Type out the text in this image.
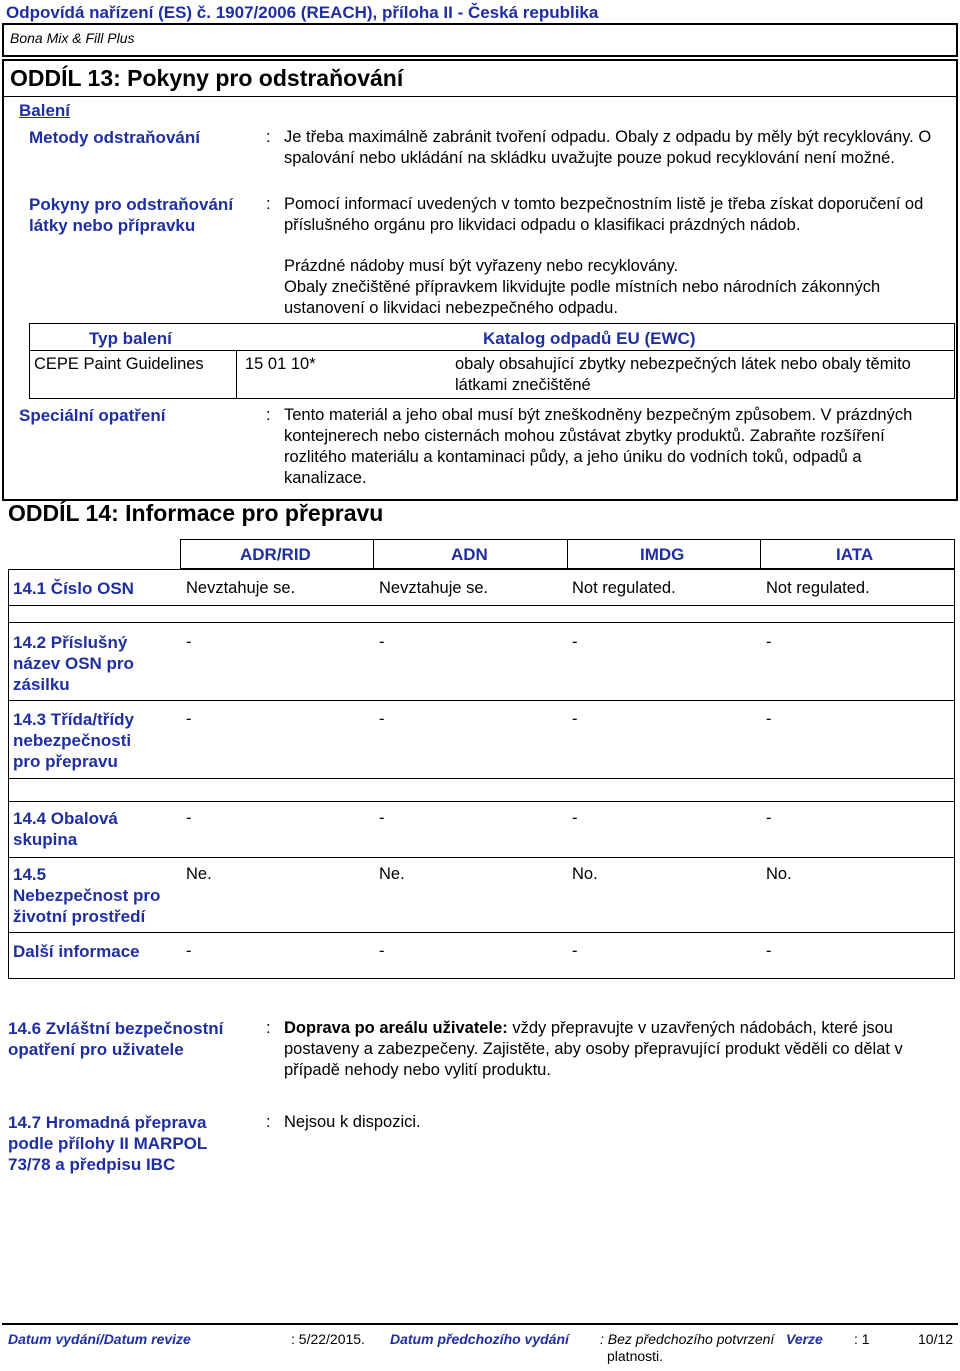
Odpovídá nařízení (ES) č. 1907/2006 (REACH), příloha II - Česká republika
Bona Mix & Fill Plus
ODDÍL 13: Pokyny pro odstraňování
Balení
Metody odstraňování	: Je třeba maximálně zabránit tvoření odpadu. Obaly z odpadu by měly být recyklovány. O spalování nebo ukládání na skládku uvažujte pouze pokud recyklování není možné.
Pokyny pro odstraňování
látky nebo přípravku
: Pomocí informací uvedených v tomto bezpečnostním listě je třeba získat doporučení od příslušného orgánu pro likvidaci odpadu o klasifikaci prázdných nádob.
Prázdné nádoby musí být vyřazeny nebo recyklovány.
Obaly znečištěné přípravkem likvidujte podle místních nebo národních zákonných ustanovení o likvidaci nebezpečného odpadu.
Typ balení	Katalog odpadů EU (EWC)
CEPE Paint Guidelines	15 01 10*	obaly obsahující zbytky nebezpečných látek nebo obaly těmito látkami znečištěné
Speciální opatření	: Tento materiál a jeho obal musí být zneškodněny bezpečným způsobem. V prázdných kontejnerech nebo cisternách mohou zůstávat zbytky produktů. Zabraňte rozšíření rozlitého materiálu a kontaminaci půdy, a jeho úniku do vodních toků, odpadů a kanalizace.
ODDÍL 14: Informace pro přepravu
ADR/RID	ADN	IMDG	IATA
14.1 Číslo OSN	Nevztahuje se.	Nevztahuje se.	Not regulated.	Not regulated.
14.2 Příslušný
název OSN pro
zásilku
-	-	-	-
14.3 Třída/třídy
nebezpečnosti
pro přepravu
-	-	-	-
14.4 Obalová
skupina
-	-	-	-
14.5
Nebezpečnost pro
životní prostředí
Ne.	Ne.	No.	No.
Další informace	-	-	-	-
14.6 Zvláštní bezpečnostní
opatření pro uživatele
: Doprava po areálu uživatele: vždy přepravujte v uzavřených nádobách, které jsou postaveny a zabezpečeny. Zajistěte, aby osoby přepravující produkt věděli co dělat v případě nehody nebo vylití produktu.
14.7 Hromadná přeprava
podle přílohy II MARPOL
73/78 a předpisu IBC
: Nejsou k dispozici.
Datum vydání/Datum revize	: 5/22/2015. Datum předchozího vydání : Bez předchozího potvrzení
platnosti.
Verze : 1	10/12
